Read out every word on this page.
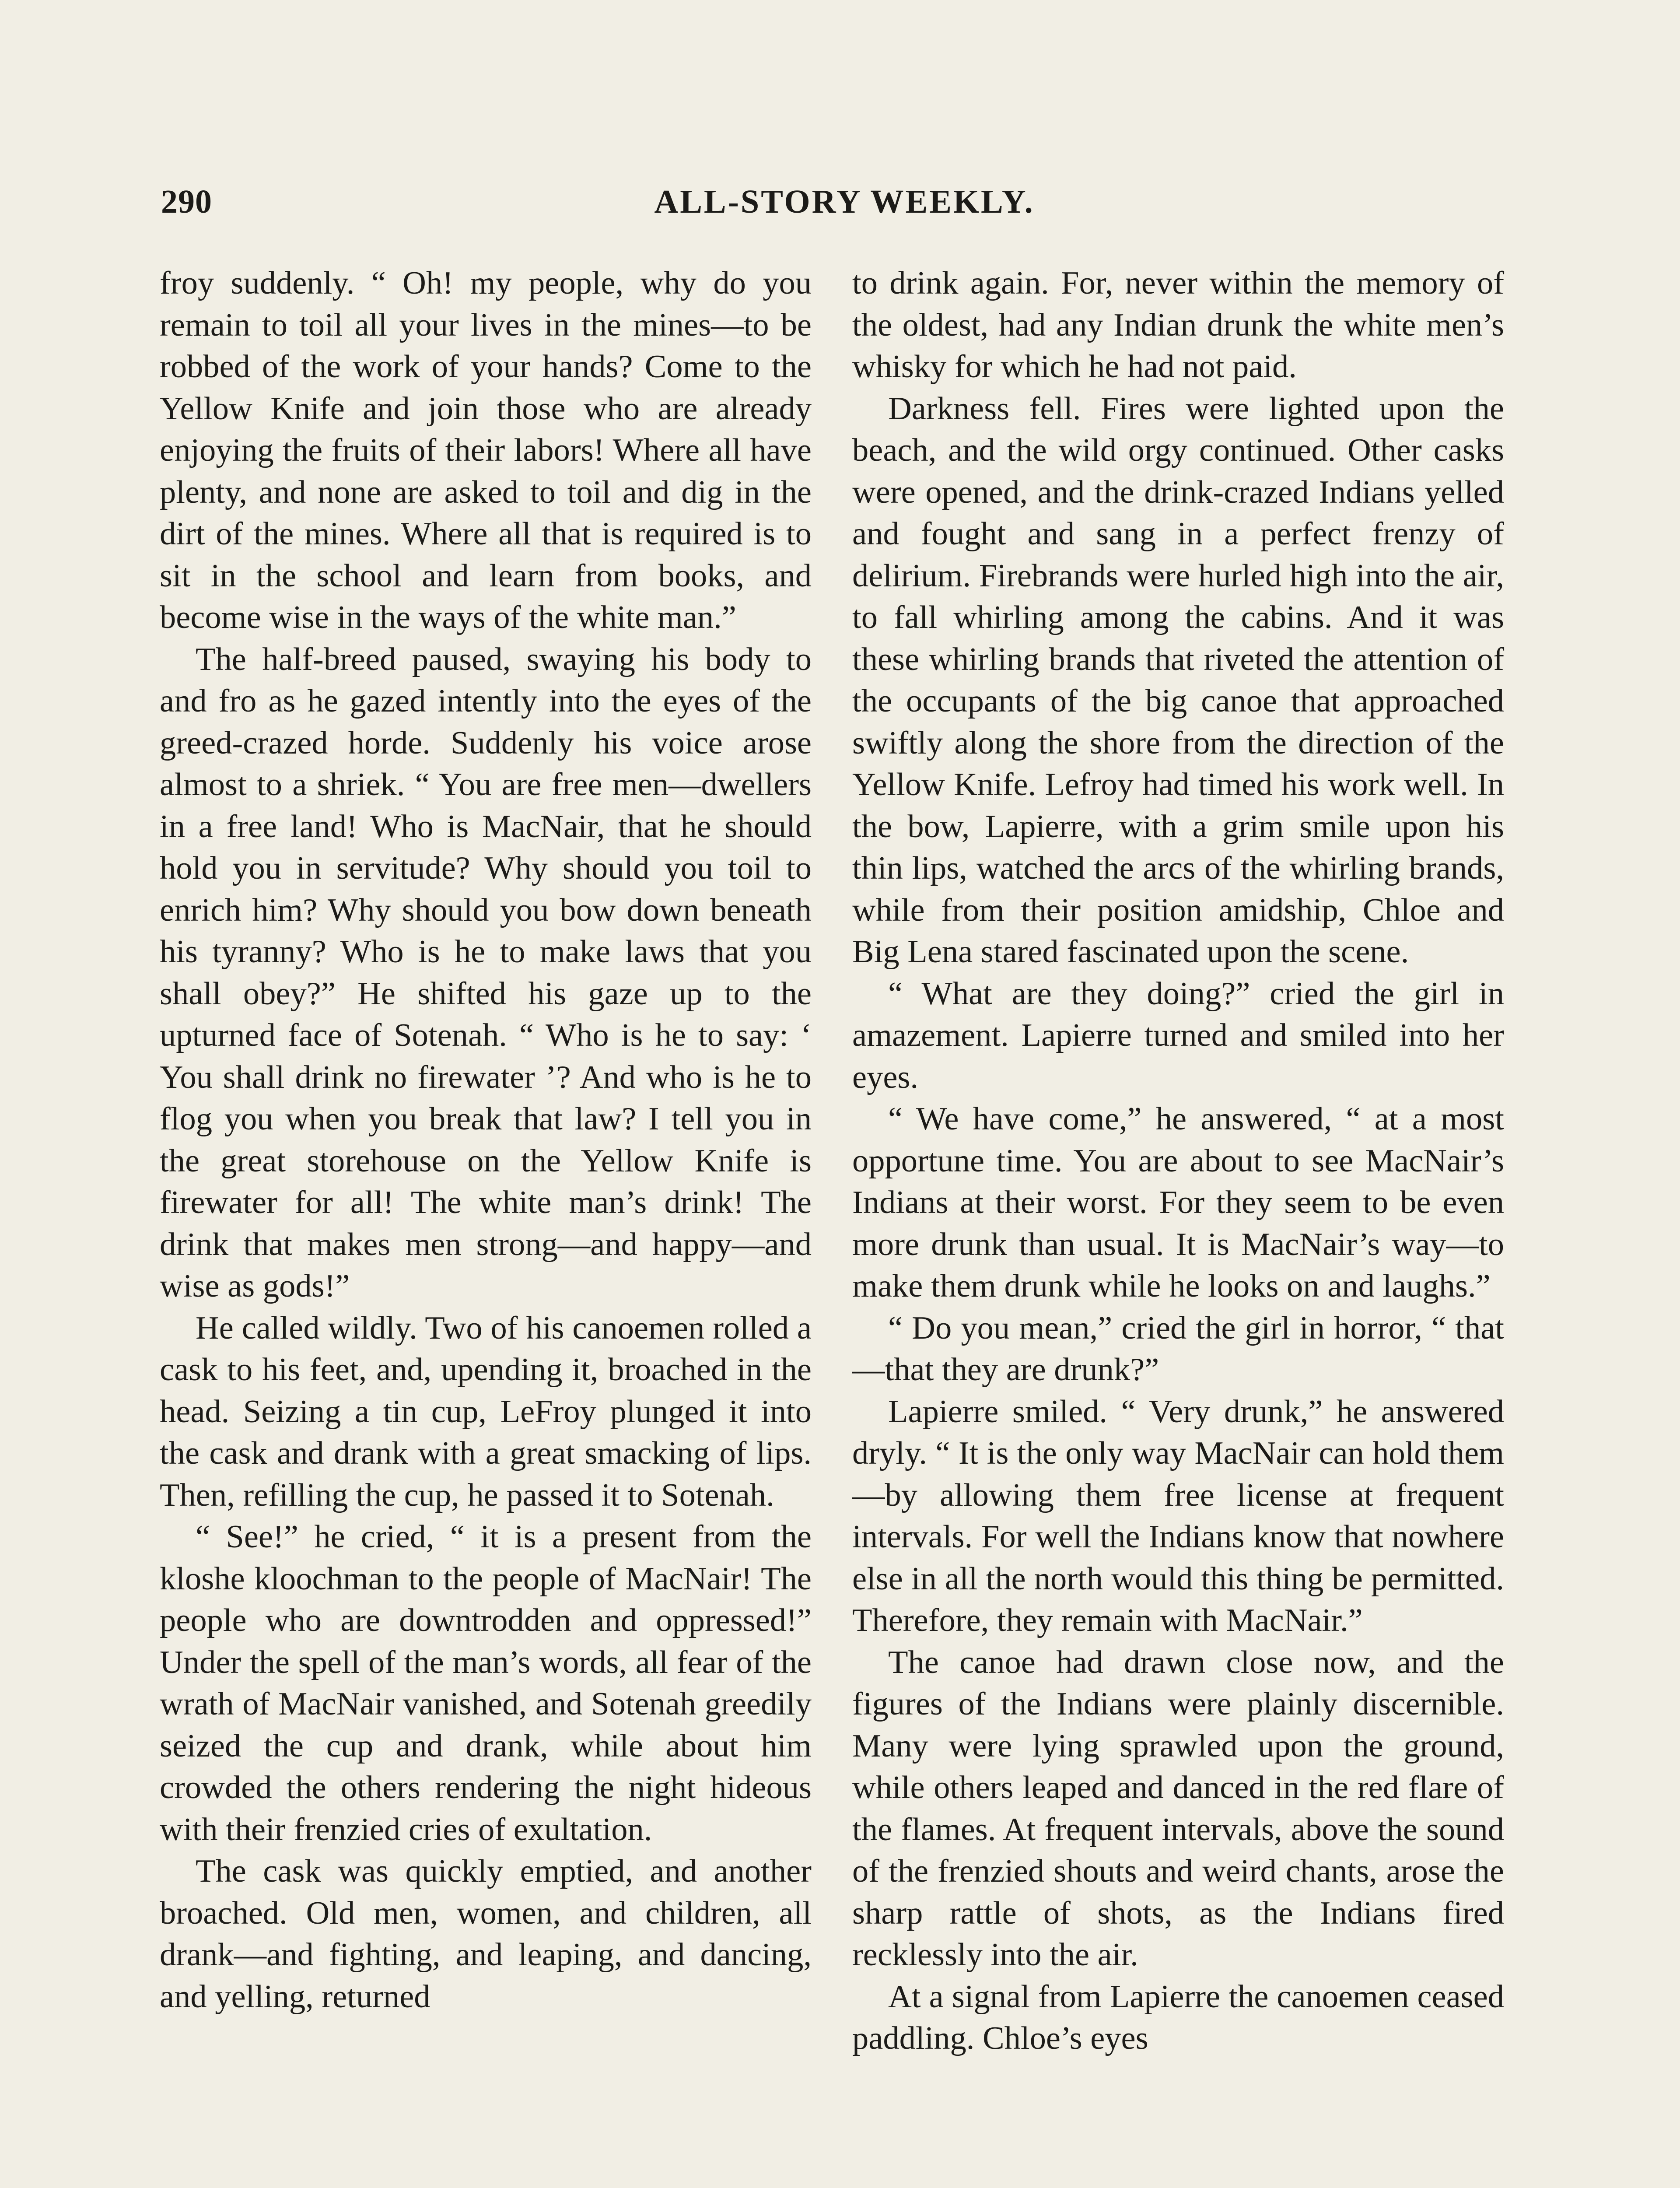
290	ALL-STORY WEEKLY.

froy suddenly. “ Oh! my people, why do you remain to toil all your lives in the mines—to be robbed of the work of your hands? Come to the Yellow Knife and join those who are already enjoying the fruits of their labors! Where all have plenty, and none are asked to toil and dig in the dirt of the mines. Where all that is required is to sit in the school and learn from books, and become wise in the ways of the white man.”

The half-breed paused, swaying his body to and fro as he gazed intently into the eyes of the greed-crazed horde. Suddenly his voice arose almost to a shriek. “ You are free men—dwellers in a free land! Who is MacNair, that he should hold you in servitude? Why should you toil to enrich him? Why should you bow down beneath his tyranny? Who is he to make laws that you shall obey?” He shifted his gaze up to the upturned face of Sotenah. “ Who is he to say: ‘ You shall drink no firewater ’? And who is he to flog you when you break that law? I tell you in the great storehouse on the Yellow Knife is firewater for all! The white man’s drink! The drink that makes men strong—and happy—and wise as gods!”

He called wildly. Two of his canoemen rolled a cask to his feet, and, upending it, broached in the head. Seizing a tin cup, LeFroy plunged it into the cask and drank with a great smacking of lips. Then, refilling the cup, he passed it to Sotenah.

“ See!” he cried, “ it is a present from the kloshe kloochman to the people of MacNair! The people who are downtrodden and oppressed!” Under the spell of the man’s words, all fear of the wrath of MacNair vanished, and Sotenah greedily seized the cup and drank, while about him crowded the others rendering the night hideous with their frenzied cries of exultation.

The cask was quickly emptied, and another broached. Old men, women, and children, all drank—and fighting, and leaping, and dancing, and yelling, returned

to drink again. For, never within the memory of the oldest, had any Indian drunk the white men’s whisky for which he had not paid.

Darkness fell. Fires were lighted upon the beach, and the wild orgy continued. Other casks were opened, and the drink-crazed Indians yelled and fought and sang in a perfect frenzy of delirium. Firebrands were hurled high into the air, to fall whirling among the cabins. And it was these whirling brands that riveted the attention of the occupants of the big canoe that approached swiftly along the shore from the direction of the Yellow Knife. Lefroy had timed his work well. In the bow, Lapierre, with a grim smile upon his thin lips, watched the arcs of the whirling brands, while from their position amidship, Chloe and Big Lena stared fascinated upon the scene.

“ What are they doing?” cried the girl in amazement. Lapierre turned and smiled into her eyes.

“ We have come,” he answered, “ at a most opportune time. You are about to see MacNair’s Indians at their worst. For they seem to be even more drunk than usual. It is MacNair’s way—to make them drunk while he looks on and laughs.”

“ Do you mean,” cried the girl in horror, “ that—that they are drunk?”

Lapierre smiled. “ Very drunk,” he answered dryly. “ It is the only way MacNair can hold them—by allowing them free license at frequent intervals. For well the Indians know that nowhere else in all the north would this thing be permitted. Therefore, they remain with MacNair.”

The canoe had drawn close now, and the figures of the Indians were plainly discernible. Many were lying sprawled upon the ground, while others leaped and danced in the red flare of the flames. At frequent intervals, above the sound of the frenzied shouts and weird chants, arose the sharp rattle of shots, as the Indians fired recklessly into the air.

At a signal from Lapierre the canoemen ceased paddling. Chloe’s eyes
